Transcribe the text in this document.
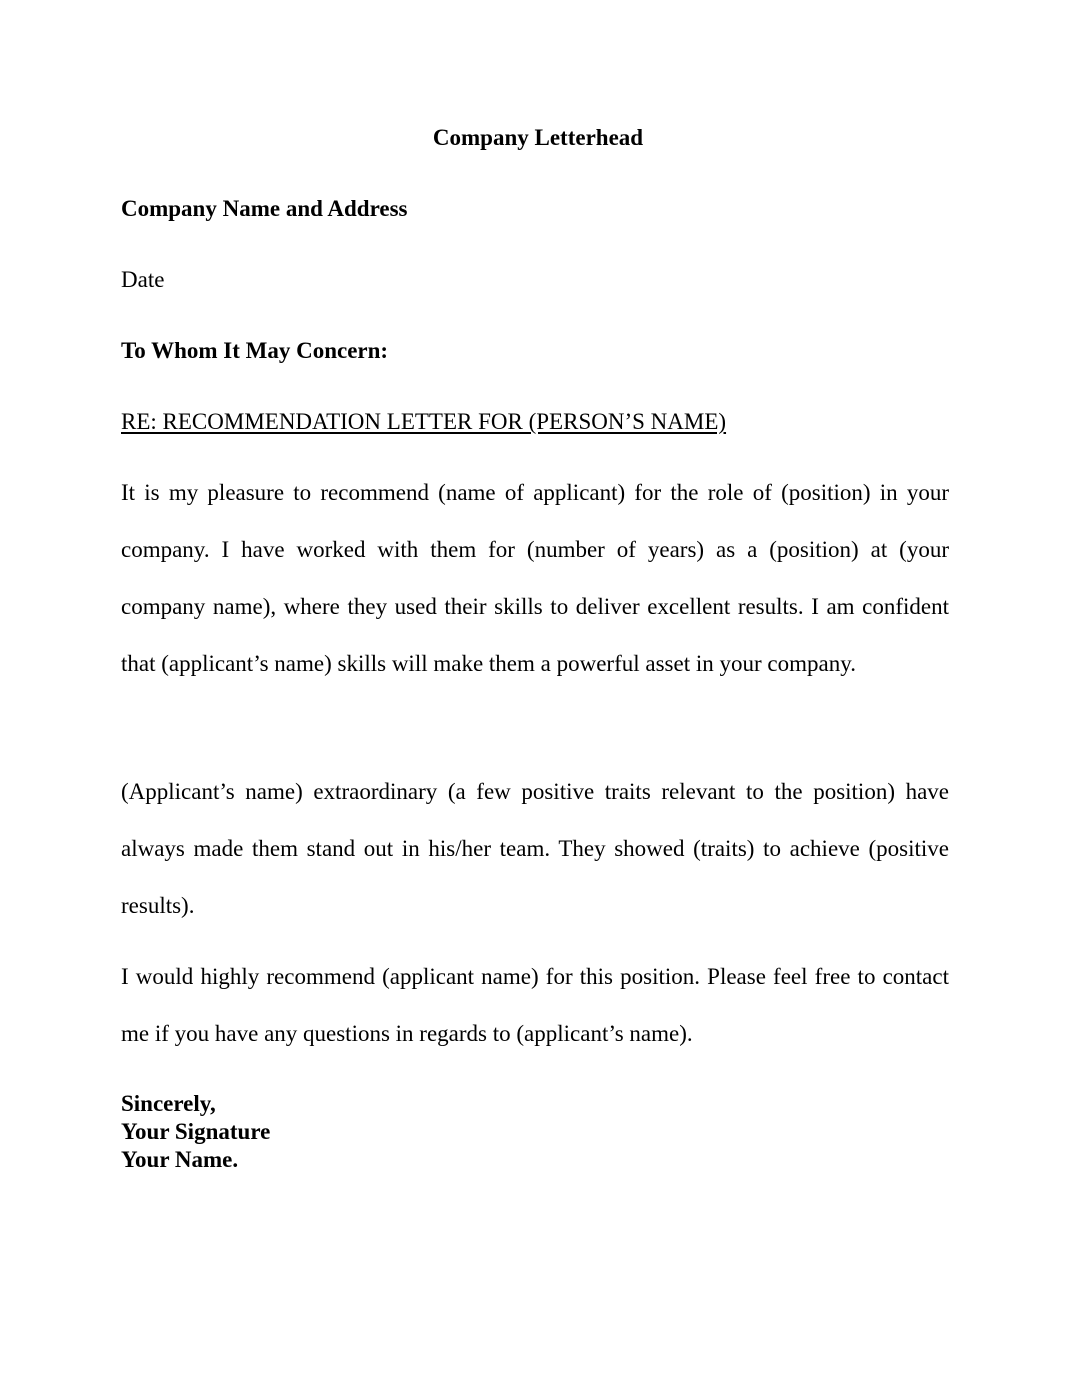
Company Letterhead

Company Name and Address

Date

To Whom It May Concern:

RE: RECOMMENDATION LETTER FOR (PERSON’S NAME)

It is my pleasure to recommend (name of applicant) for the role of (position) in your company. I have worked with them for (number of years) as a (position) at (your company name), where they used their skills to deliver excellent results. I am confident that (applicant’s name) skills will make them a powerful asset in your company.

(Applicant’s name) extraordinary (a few positive traits relevant to the position) have always made them stand out in his/her team. They showed (traits) to achieve (positive results).

I would highly recommend (applicant name) for this position. Please feel free to contact me if you have any questions in regards to (applicant’s name).

Sincerely,
Your Signature
Your Name.
